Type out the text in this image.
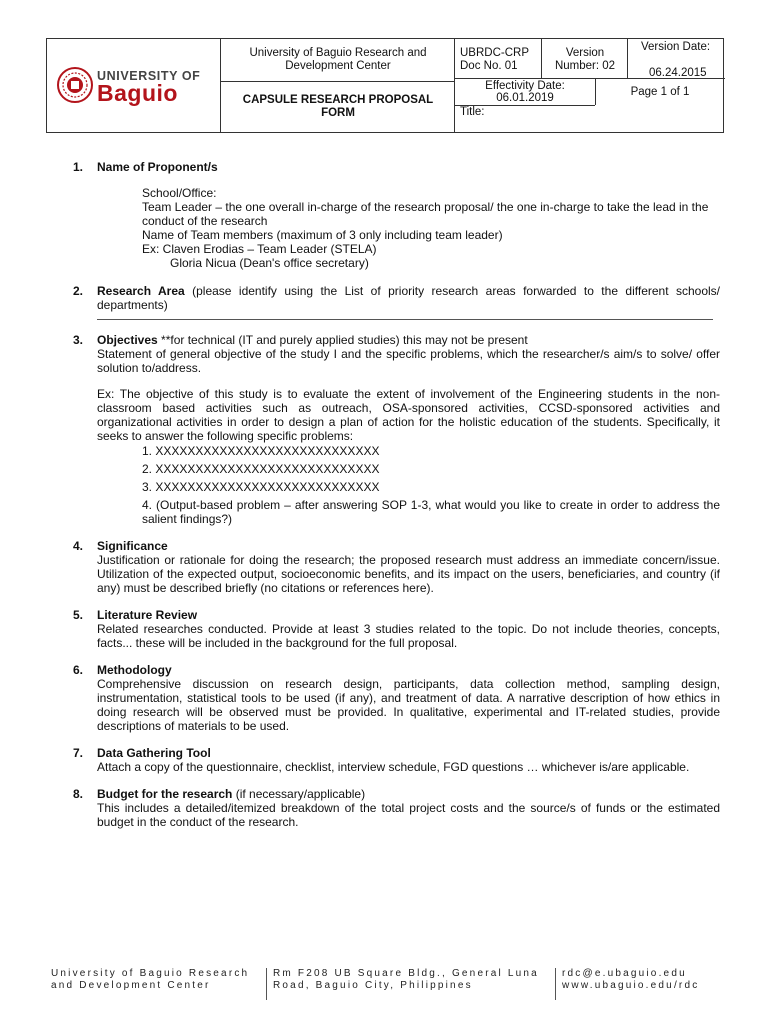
UNIVERSITY OF
Baguio
University of Baguio Research and Development Center
CAPSULE RESEARCH PROPOSAL FORM
UBRDC-CRP
Doc No. 01
Version Number: 02
Version Date:
06.24.2015
Effectivity Date:
06.01.2019	Page 1 of 1
Title:
1. Name of Proponent/s
School/Office:
Team Leader – the one overall in-charge of the research proposal/ the one in-charge to take the lead in the conduct of the research
Name of Team members (maximum of 3 only including team leader)
Ex: Claven Erodias – Team Leader (STELA)
Gloria Nicua (Dean's office secretary)
2. Research Area (please identify using the List of priority research areas forwarded to the different schools/ departments)
3. Objectives **for technical (IT and purely applied studies) this may not be present
Statement of general objective of the study I and the specific problems, which the researcher/s aim/s to solve/ offer solution to/address.
Ex: The objective of this study is to evaluate the extent of involvement of the Engineering students in the non-classroom based activities such as outreach, OSA-sponsored activities, CCSD-sponsored activities and organizational activities in order to design a plan of action for the holistic education of the students. Specifically, it seeks to answer the following specific problems:
1. XXXXXXXXXXXXXXXXXXXXXXXXXXXX
2. XXXXXXXXXXXXXXXXXXXXXXXXXXXX
3. XXXXXXXXXXXXXXXXXXXXXXXXXXXX
4. (Output-based problem – after answering SOP 1-3, what would you like to create in order to address the salient findings?)
4. Significance
Justification or rationale for doing the research; the proposed research must address an immediate concern/issue. Utilization of the expected output, socioeconomic benefits, and its impact on the users, beneficiaries, and country (if any) must be described briefly (no citations or references here).
5. Literature Review
Related researches conducted. Provide at least 3 studies related to the topic. Do not include theories, concepts, facts... these will be included in the background for the full proposal.
6. Methodology
Comprehensive discussion on research design, participants, data collection method, sampling design, instrumentation, statistical tools to be used (if any), and treatment of data. A narrative description of how ethics in doing research will be observed must be provided. In qualitative, experimental and IT-related studies, provide descriptions of materials to be used.
7. Data Gathering Tool
Attach a copy of the questionnaire, checklist, interview schedule, FGD questions … whichever is/are applicable.
8. Budget for the research (if necessary/applicable)
This includes a detailed/itemized breakdown of the total project costs and the source/s of funds or the estimated budget in the conduct of the research.
University of Baguio Research and Development Center
Rm F208 UB Square Bldg., General Luna Road, Baguio City, Philippines
rdc@e.ubaguio.edu www.ubaguio.edu/rdc
